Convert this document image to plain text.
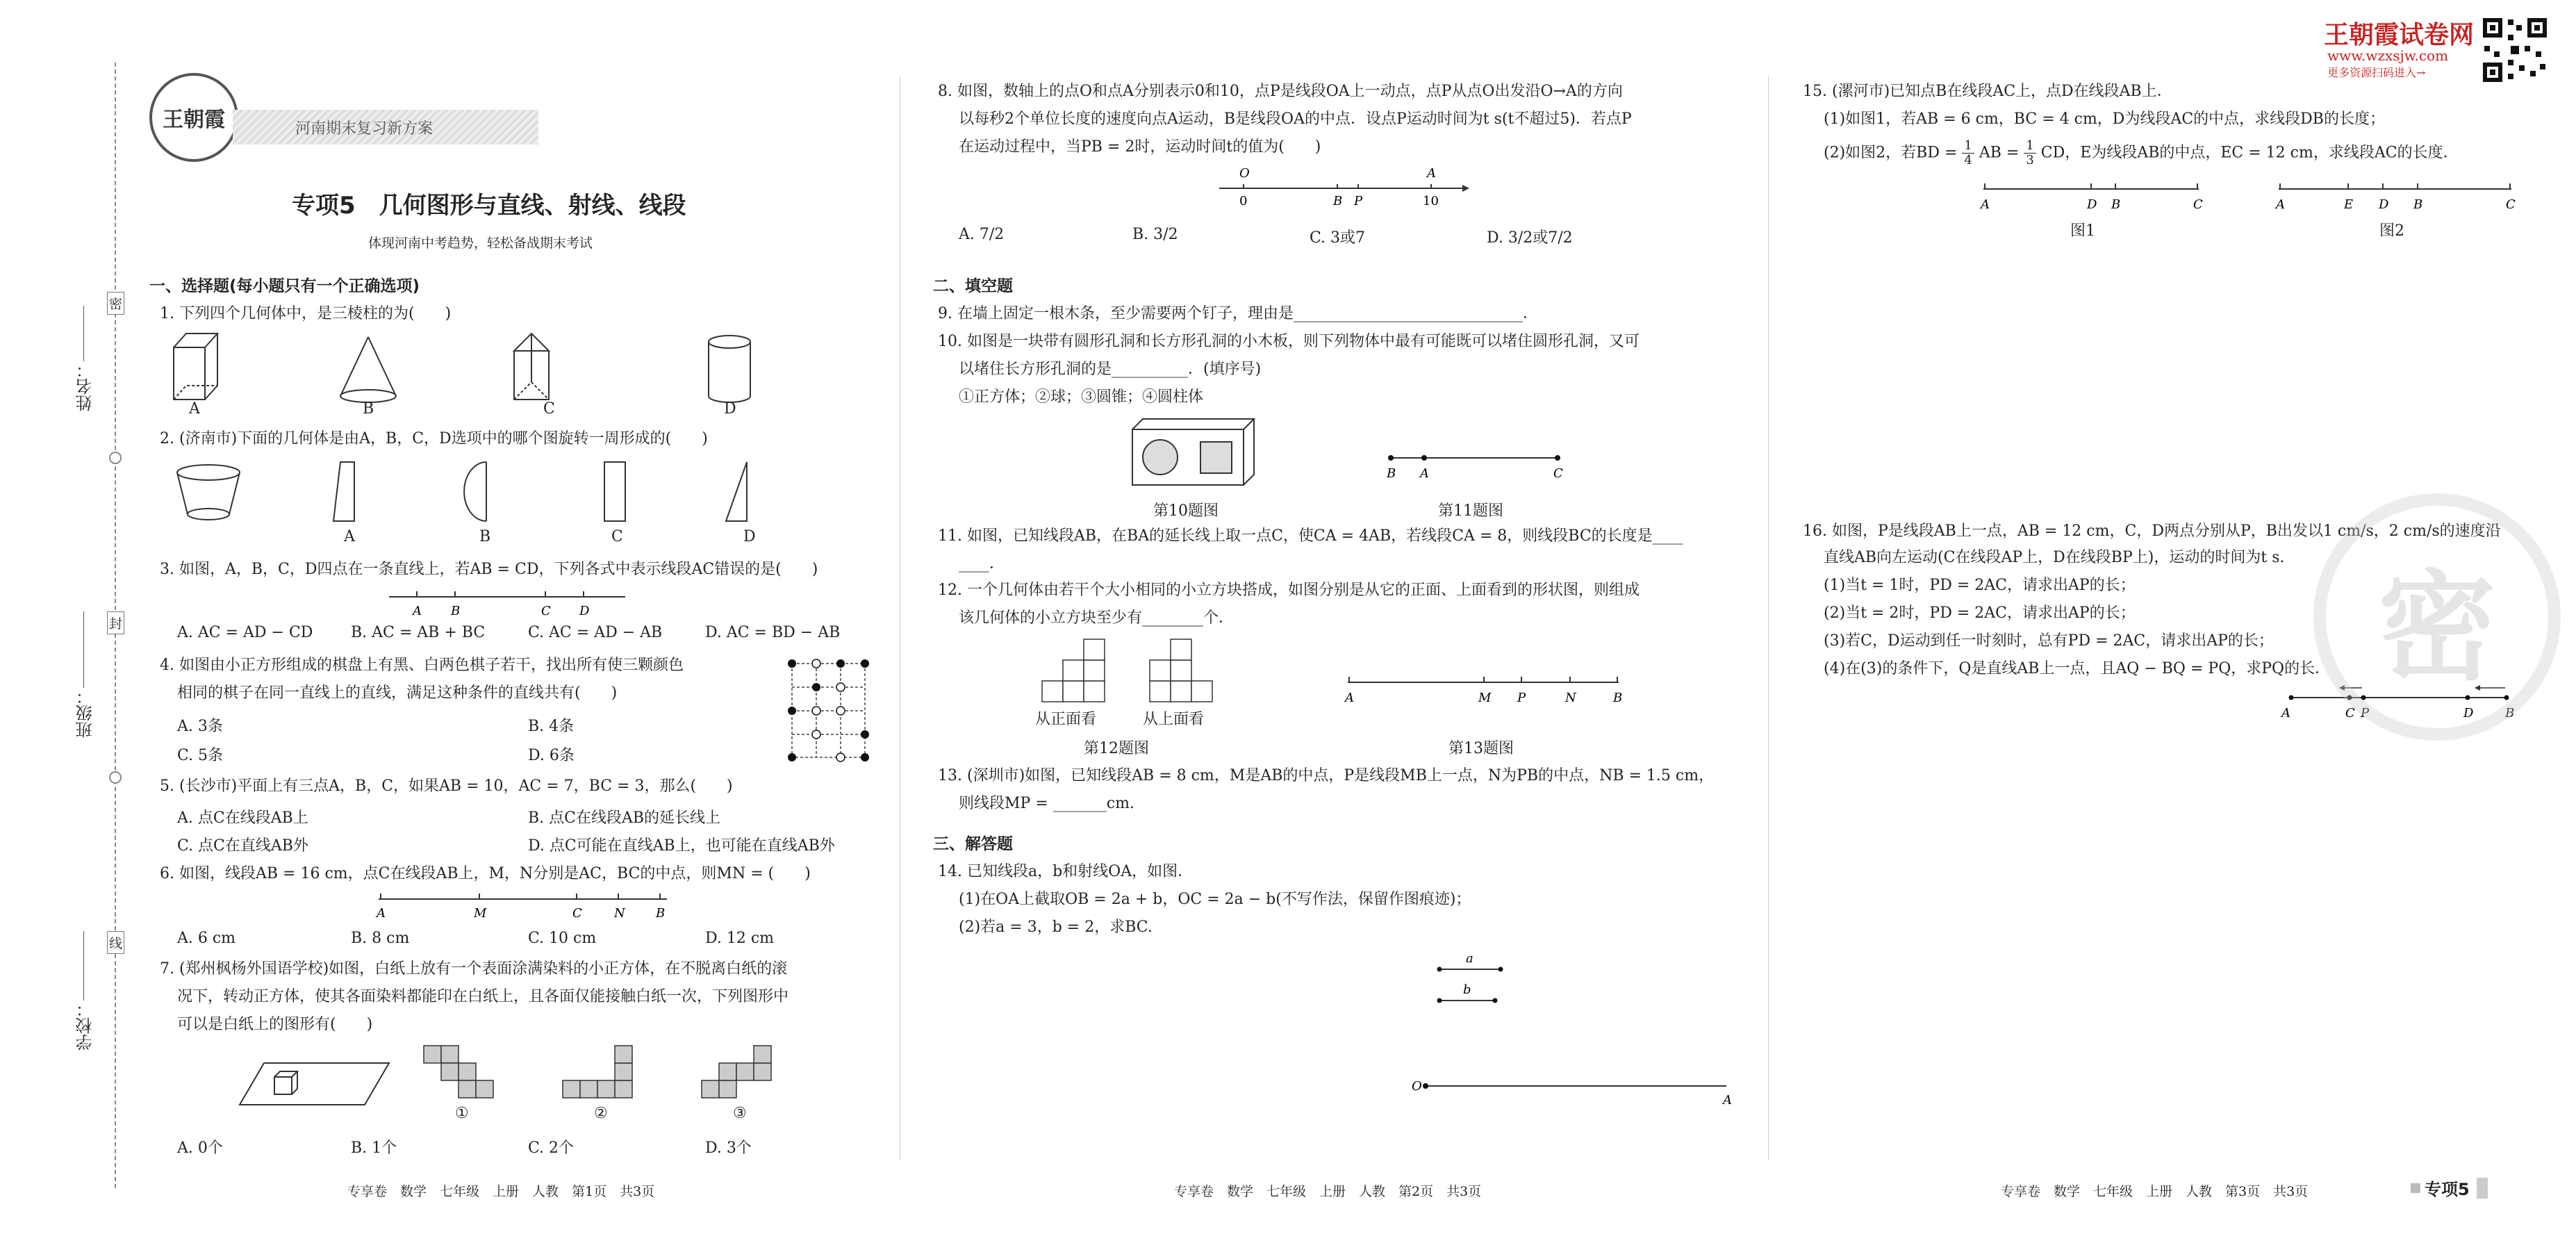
姓名：
班级：
学校：
密
封
线
王朝霞	河南期末复习新方案
专项5　几何图形与直线、射线、线段
体现河南中考趋势，轻松备战期末考试
一、选择题(每小题只有一个正确选项)
1. 下列四个几何体中，是三棱柱的为(　　)
A	B	C	D
2. (济南市)下面的几何体是由A，B，C，D选项中的哪个图旋转一周形成的(　　)
A	B	C	D
3. 如图，A，B，C，D四点在一条直线上，若AB = CD，下列各式中表示线段AC错误的是(　　)
A B	C D
A. AC = AD − CD B. AC = AB + BC	C. AC = AD − AB	D. AC = BD − AB
4. 如图由小正方形组成的棋盘上有黑、白两色棋子若干，找出所有使三颗颜色
相同的棋子在同一直线上的直线，满足这种条件的直线共有(　　)
A. 3条	B. 4条
C. 5条	D. 6条
5. (长沙市)平面上有三点A，B，C，如果AB = 10，AC = 7，BC = 3，那么(　　)
A. 点C在线段AB上	B. 点C在线段AB的延长线上
C. 点C在直线AB外	D. 点C可能在直线AB上，也可能在直线AB外
6. 如图，线段AB = 16 cm，点C在线段AB上，M，N分别是AC，BC的中点，则MN = (　　)
A	M	C	N B
A. 6 cm	B. 8 cm	C. 10 cm	D. 12 cm
7. (郑州枫杨外国语学校)如图，白纸上放有一个表面涂满染料的小正方体，在不脱离白纸的滚
况下，转动正方体，使其各面染料都能印在白纸上，且各面仅能接触白纸一次，下列图形中
可以是白纸上的图形有(　　)
①	②	③
A. 0个	B. 1个	C. 2个	D. 3个
专享卷　数学　七年级　上册　人教　第1页　共3页
8. 如图，数轴上的点O和点A分别表示0和10，点P是线段OA上一动点，点P从点O出发沿O→A的方向
以每秒2个单位长度的速度向点A运动，B是线段OA的中点．设点P运动时间为t s(t不超过5)．若点P
在运动过程中，当PB = 2时，运动时间t的值为(　　)
O
0	B P
A
10
A. 7/2	B. 3/2	C. 3或7	D. 3/2或7/2
二、填空题
9. 在墙上固定一根木条，至少需要两个钉子，理由是______________________________．
10. 如图是一块带有圆形孔洞和长方形孔洞的小木板，则下列物体中最有可能既可以堵住圆形孔洞，又可
以堵住长方形孔洞的是__________．(填序号)
①正方体；②球；③圆锥；④圆柱体
B A	C
第10题图	第11题图
11. 如图，已知线段AB，在BA的延长线上取一点C，使CA = 4AB，若线段CA = 8，则线段BC的长度是____
____．
12. 一个几何体由若干个大小相同的小立方块搭成，如图分别是从它的正面、上面看到的形状图，则组成
该几何体的小立方块至少有________个．
从正面看	从上面看
A	M P	N	B
第12题图	第13题图
13. (深圳市)如图，已知线段AB = 8 cm，M是AB的中点，P是线段MB上一点，N为PB的中点，NB = 1.5 cm，
则线段MP = _______cm.
三、解答题
14. 已知线段a，b和射线OA，如图．
(1)在OA上截取OB = 2a + b，OC = 2a − b(不写作法，保留作图痕迹)；
(2)若a = 3，b = 2，求BC.
a
b
O
A
专享卷　数学　七年级　上册　人教　第2页　共3页
15. (漯河市)已知点B在线段AC上，点D在线段AB上．
(1)如图1，若AB = 6 cm，BC = 4 cm，D为线段AC的中点，求线段DB的长度；
(2)如图2，若BD = $\frac{1}{4}$ AB = $\frac{1}{3}$ CD，E为线段AB的中点，EC = 12 cm，求线段AC的长度．
A	D B	C	A	E D B	C
图1	图2
16. 如图，P是线段AB上一点，AB = 12 cm，C，D两点分别从P，B出发以1 cm/s，2 cm/s的速度沿
直线AB向左运动(C在线段AP上，D在线段BP上)，运动的时间为t s.
(1)当t = 1时，PD = 2AC，请求出AP的长；
(2)当t = 2时，PD = 2AC，请求出AP的长；
(3)若C，D运动到任一时刻时，总有PD = 2AC，请求出AP的长；
(4)在(3)的条件下，Q是直线AB上一点，且AQ − BQ = PQ，求PQ的长．
A	C P	D	B
密
王朝霞试卷网
www.wzxsjw.com
更多资源扫码进入→
专享卷　数学　七年级　上册　人教　第3页　共3页	专项5
